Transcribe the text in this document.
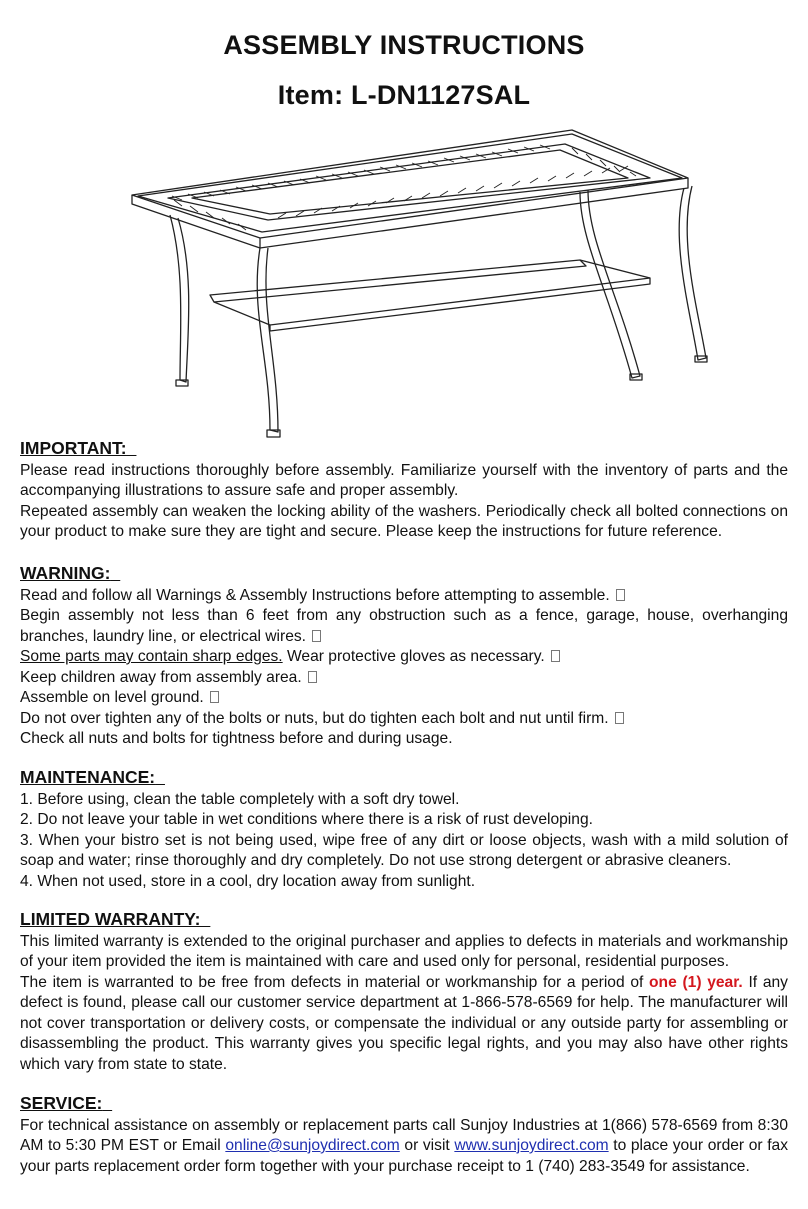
ASSEMBLY INSTRUCTIONS
Item: L-DN1127SAL
IMPORTANT:

Please read instructions thoroughly before assembly. Familiarize yourself with the inventory of parts and the accompanying illustrations to assure safe and proper assembly.

Repeated assembly can weaken the locking ability of the washers. Periodically check all bolted connections on your product to make sure they are tight and secure. Please keep the instructions for future reference.

WARNING:
Read and follow all Warnings & Assembly Instructions before attempting to assemble.
Begin assembly not less than 6 feet from any obstruction such as a fence, garage, house, overhanging branches, laundry line, or electrical wires.
Some parts may contain sharp edges. Wear protective gloves as necessary.
Keep children away from assembly area.
Assemble on level ground.
Do not over tighten any of the bolts or nuts, but do tighten each bolt and nut until firm.
Check all nuts and bolts for tightness before and during usage.
MAINTENANCE:
1. Before using, clean the table completely with a soft dry towel.
2. Do not leave your table in wet conditions where there is a risk of rust developing.
3. When your bistro set is not being used, wipe free of any dirt or loose objects, wash with a mild solution of soap and water; rinse thoroughly and dry completely. Do not use strong detergent or abrasive cleaners.
4. When not used, store in a cool, dry location away from sunlight.
LIMITED WARRANTY:

This limited warranty is extended to the original purchaser and applies to defects in materials and workmanship of your item provided the item is maintained with care and used only for personal, residential purposes.

The item is warranted to be free from defects in material or workmanship for a period of one (1) year. If any defect is found, please call our customer service department at 1-866-578-6569 for help. The manufacturer will not cover transportation or delivery costs, or compensate the individual or any outside party for assembling or disassembling the product. This warranty gives you specific legal rights, and you may also have other rights which vary from state to state.

SERVICE:

For technical assistance on assembly or replacement parts call Sunjoy Industries at 1(866) 578-6569 from 8:30 AM to 5:30 PM EST or Email online@sunjoydirect.com or visit www.sunjoydirect.com to place your order or fax your parts replacement order form together with your purchase receipt to 1 (740) 283-3549 for assistance.
